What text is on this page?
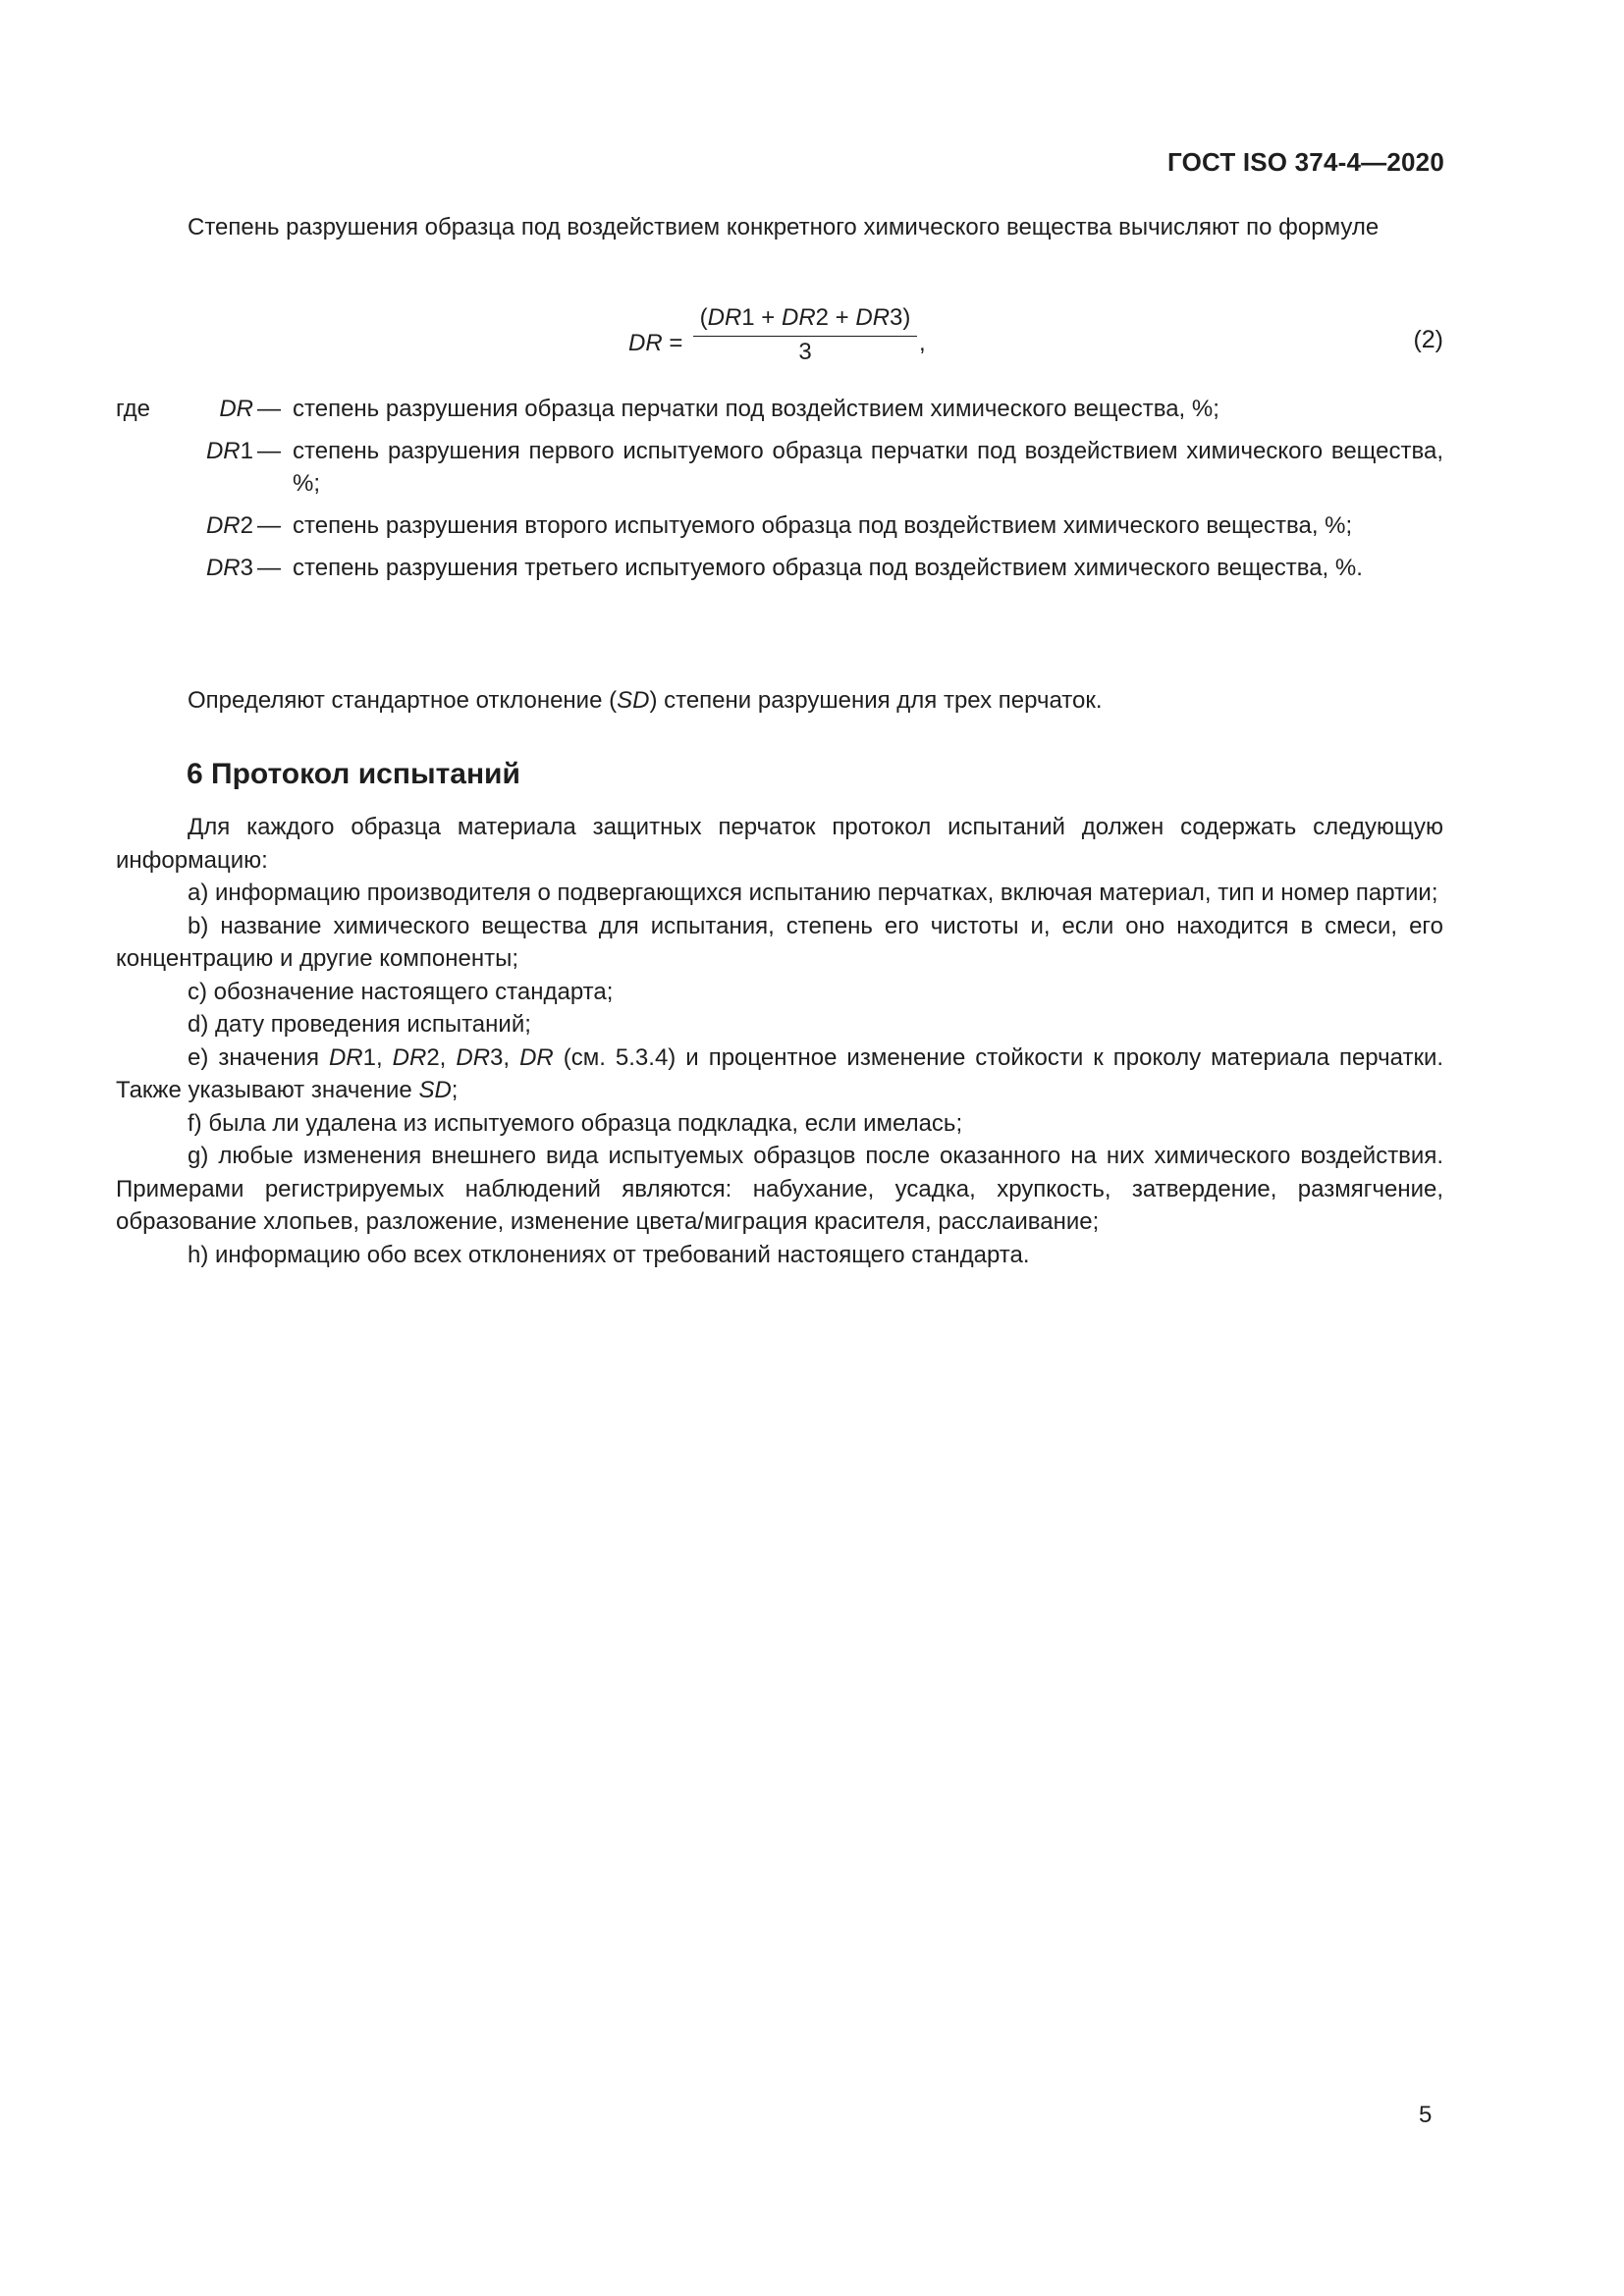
ГОСТ ISO 374-4—2020

Степень разрушения образца под воздействием конкретного химического вещества вычисляют по формуле

DR = $\frac{(DR1 + DR2 + DR3)}{3}$ ,	(2)
где	DR — степень разрушения образца перчатки под воздействием химического вещества, %;
DR1 — степень разрушения первого испытуемого образца перчатки под воздействием химического вещества, %;
DR2 — степень разрушения второго испытуемого образца под воздействием химического вещества, %;
DR3 — степень разрушения третьего испытуемого образца под воздействием химического вещества, %.

Определяют стандартное отклонение (SD) степени разрушения для трех перчаток.

6 Протокол испытаний

Для каждого образца материала защитных перчаток протокол испытаний должен содержать следующую информацию:

a) информацию производителя о подвергающихся испытанию перчатках, включая материал, тип и номер партии;

b) название химического вещества для испытания, степень его чистоты и, если оно находится в смеси, его концентрацию и другие компоненты;

c) обозначение настоящего стандарта;

d) дату проведения испытаний;

e) значения DR1, DR2, DR3, DR (см. 5.3.4) и процентное изменение стойкости к проколу материала перчатки. Также указывают значение SD;

f) была ли удалена из испытуемого образца подкладка, если имелась;

g) любые изменения внешнего вида испытуемых образцов после оказанного на них химического воздействия. Примерами регистрируемых наблюдений являются: набухание, усадка, хрупкость, затвердение, размягчение, образование хлопьев, разложение, изменение цвета/миграция красителя, расслаивание;

h) информацию обо всех отклонениях от требований настоящего стандарта.

5
